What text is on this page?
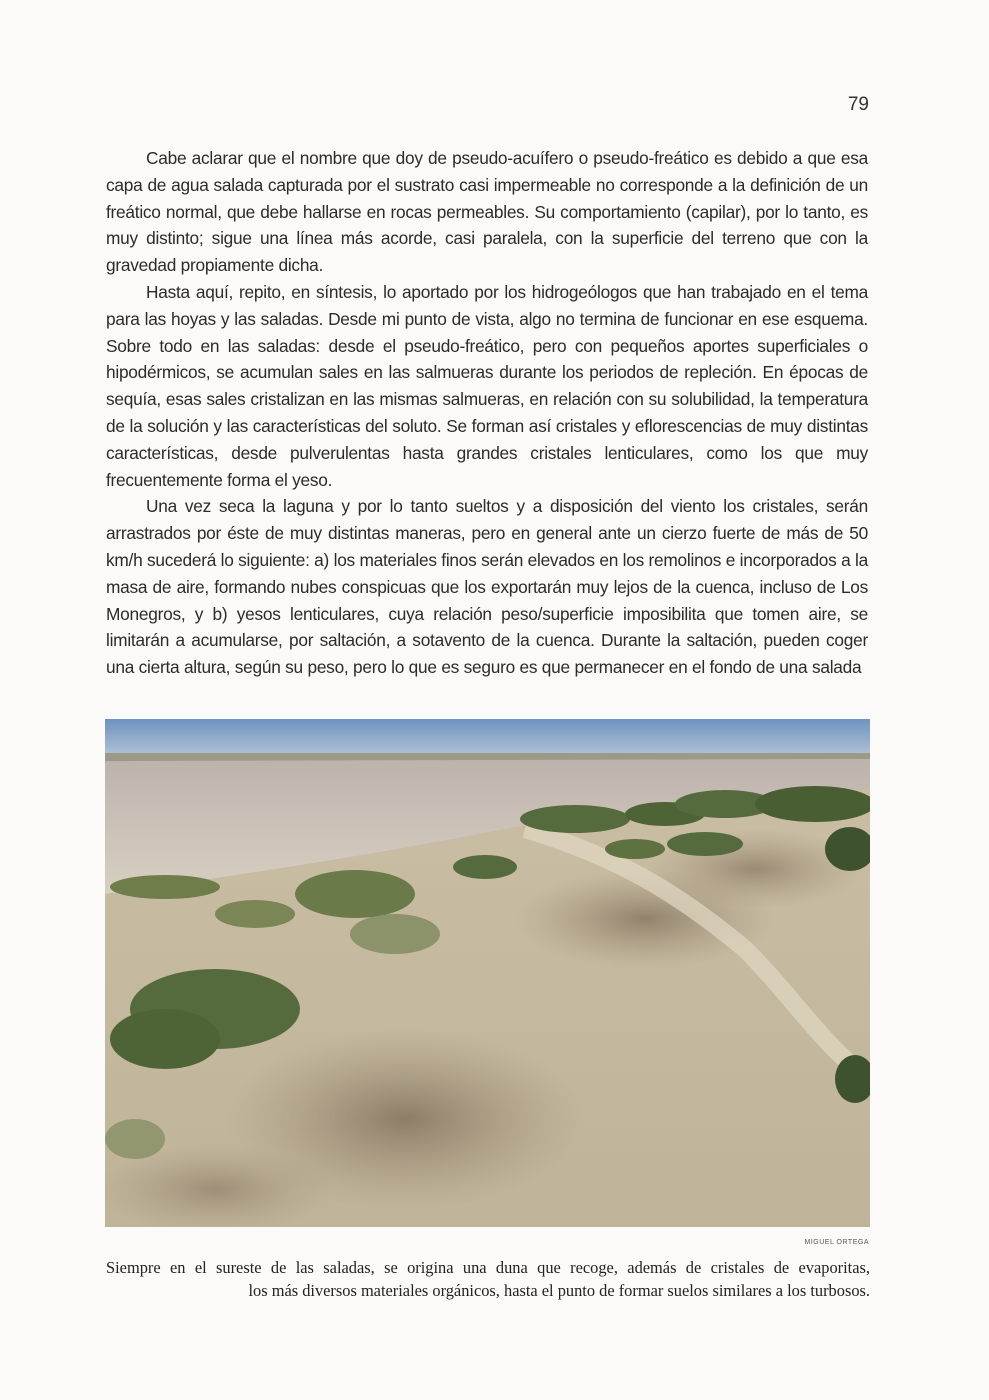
79

Cabe aclarar que el nombre que doy de pseudo-acuífero o pseudo-freático es debido a que esa capa de agua salada capturada por el sustrato casi impermeable no corresponde a la definición de un freático normal, que debe hallarse en rocas permeables. Su comportamiento (capilar), por lo tanto, es muy distinto; sigue una línea más acorde, casi paralela, con la superficie del terreno que con la gravedad propiamente dicha.

Hasta aquí, repito, en síntesis, lo aportado por los hidrogeólogos que han trabajado en el tema para las hoyas y las saladas. Desde mi punto de vista, algo no termina de funcionar en ese esquema. Sobre todo en las saladas: desde el pseudo-freático, pero con pequeños aportes superficiales o hipodérmicos, se acumulan sales en las salmueras durante los periodos de repleción. En épocas de sequía, esas sales cristalizan en las mismas salmueras, en relación con su solubilidad, la temperatura de la solución y las características del soluto. Se forman así cristales y eflorescencias de muy distintas características, desde pulverulentas hasta grandes cristales lenticulares, como los que muy frecuentemente forma el yeso.

Una vez seca la laguna y por lo tanto sueltos y a disposición del viento los cristales, serán arrastrados por éste de muy distintas maneras, pero en general ante un cierzo fuerte de más de 50 km/h sucederá lo siguiente: a) los materiales finos serán elevados en los remolinos e incorporados a la masa de aire, formando nubes conspicuas que los exportarán muy lejos de la cuenca, incluso de Los Monegros, y b) yesos lenticulares, cuya relación peso/superficie imposibilita que tomen aire, se limitarán a acumularse, por saltación, a sotavento de la cuenca. Durante la saltación, pueden coger una cierta altura, según su peso, pero lo que es seguro es que permanecer en el fondo de una salada

MIGUEL ORTEGA
Siempre en el sureste de las saladas, se origina una duna que recoge, además de cristales de evaporitas,
los más diversos materiales orgánicos, hasta el punto de formar suelos similares a los turbosos.
